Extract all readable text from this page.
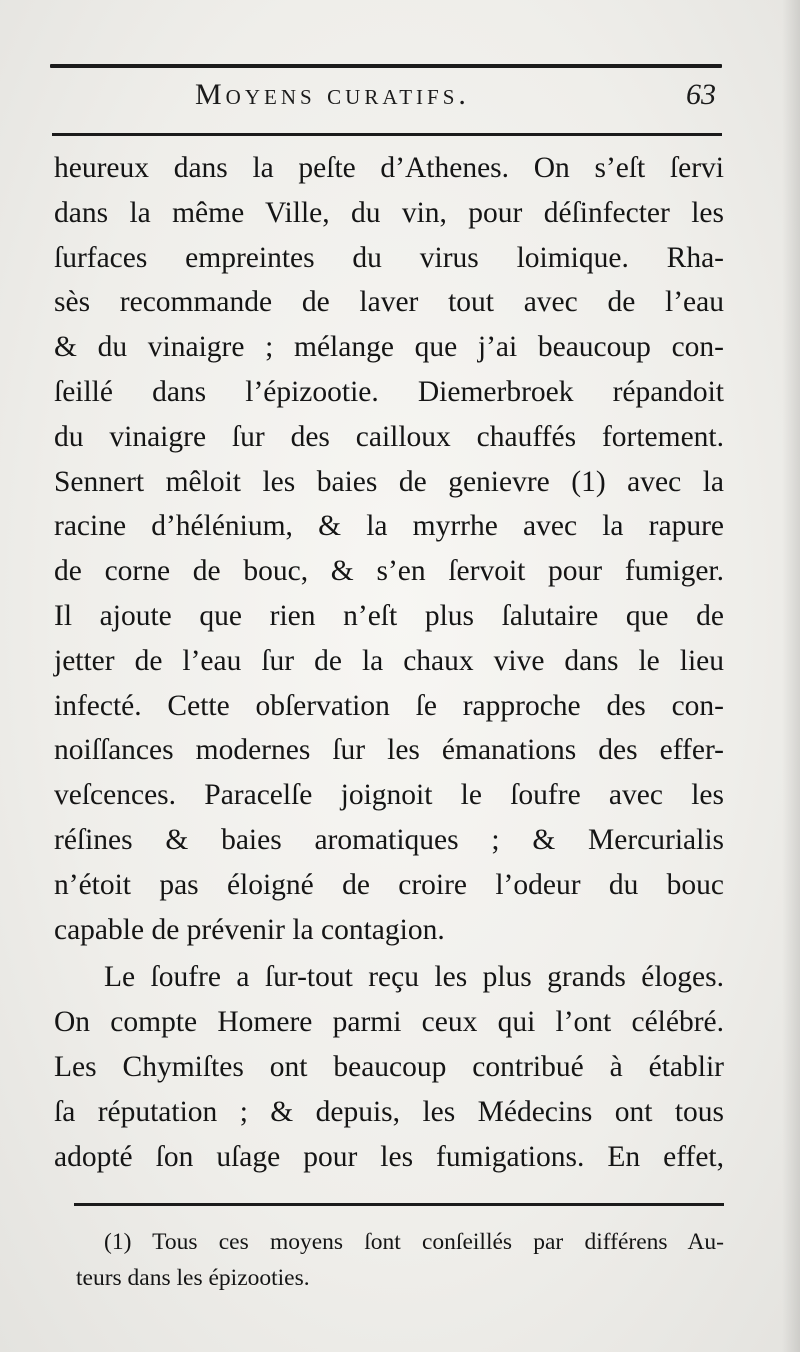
Moyens curatifs.	63
heureux dans la peſte d’Athenes. On s’eſt ſervi
dans la même Ville, du vin, pour déſinfecter les
ſurfaces empreintes du virus loimique. Rha-
sès recommande de laver tout avec de l’eau
& du vinaigre ; mélange que j’ai beaucoup con-
ſeillé dans l’épizootie. Diemerbroek répandoit
du vinaigre ſur des cailloux chauffés fortement.
Sennert mêloit les baies de genievre (1) avec la
racine d’hélénium, & la myrrhe avec la rapure
de corne de bouc, & s’en ſervoit pour fumiger.
Il ajoute que rien n’eſt plus ſalutaire que de
jetter de l’eau ſur de la chaux vive dans le lieu
infecté. Cette obſervation ſe rapproche des con-
noiſſances modernes ſur les émanations des effer-
veſcences. Paracelſe joignoit le ſoufre avec les
réſines & baies aromatiques ; & Mercurialis
n’étoit pas éloigné de croire l’odeur du bouc
capable de prévenir la contagion.
Le ſoufre a ſur-tout reçu les plus grands éloges.
On compte Homere parmi ceux qui l’ont célébré.
Les Chymiſtes ont beaucoup contribué à établir
ſa réputation ; & depuis, les Médecins ont tous
adopté ſon uſage pour les fumigations. En effet,
(1) Tous ces moyens ſont conſeillés par différens Au-
teurs dans les épizooties.
